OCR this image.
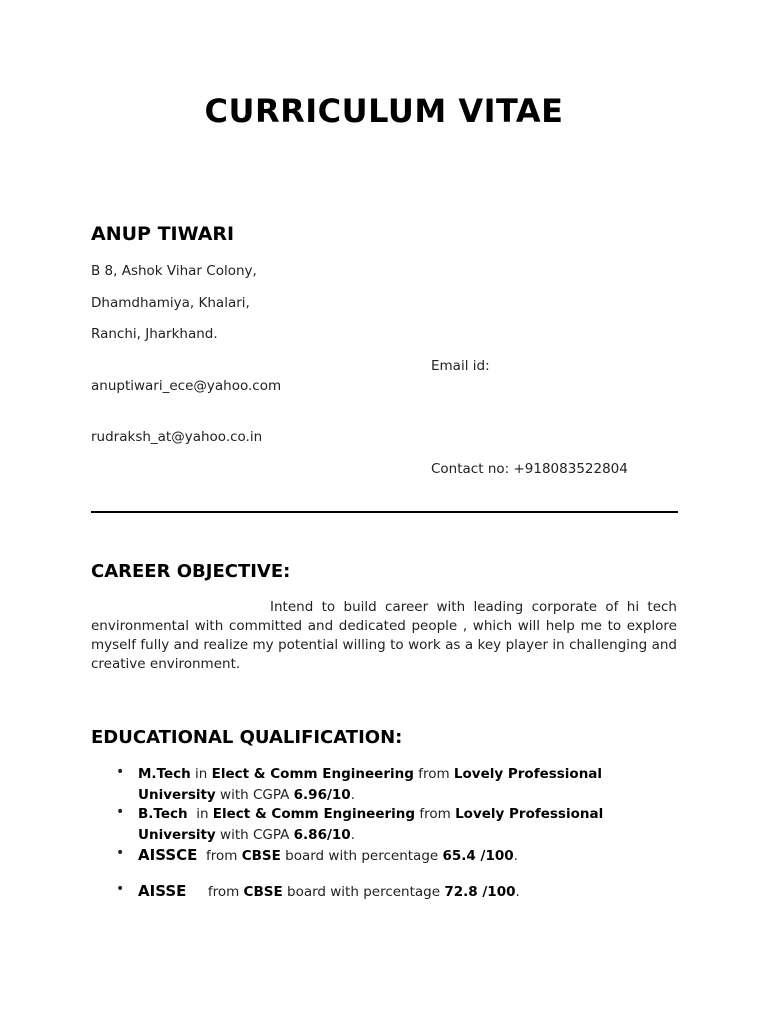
CURRICULUM VITAE
ANUP TIWARI
B 8, Ashok Vihar Colony,
Dhamdhamiya, Khalari,
Ranchi, Jharkhand.
Email id:
anuptiwari_ece@yahoo.com
rudraksh_at@yahoo.co.in
Contact no: +918083522804
CAREER OBJECTIVE:
Intend to build career with leading corporate of hi tech environmental with committed and dedicated people , which will help me to explore myself fully and realize my potential willing to work as a key player in challenging and creative environment.
EDUCATIONAL QUALIFICATION:
• M.Tech in Elect & Comm Engineering from Lovely Professional University with CGPA 6.96/10.
• B.Tech  in Elect & Comm Engineering from Lovely Professional University with CGPA 6.86/10.
• AISSCE  from CBSE board with percentage 65.4 /100.
• AISSE     from CBSE board with percentage 72.8 /100.
